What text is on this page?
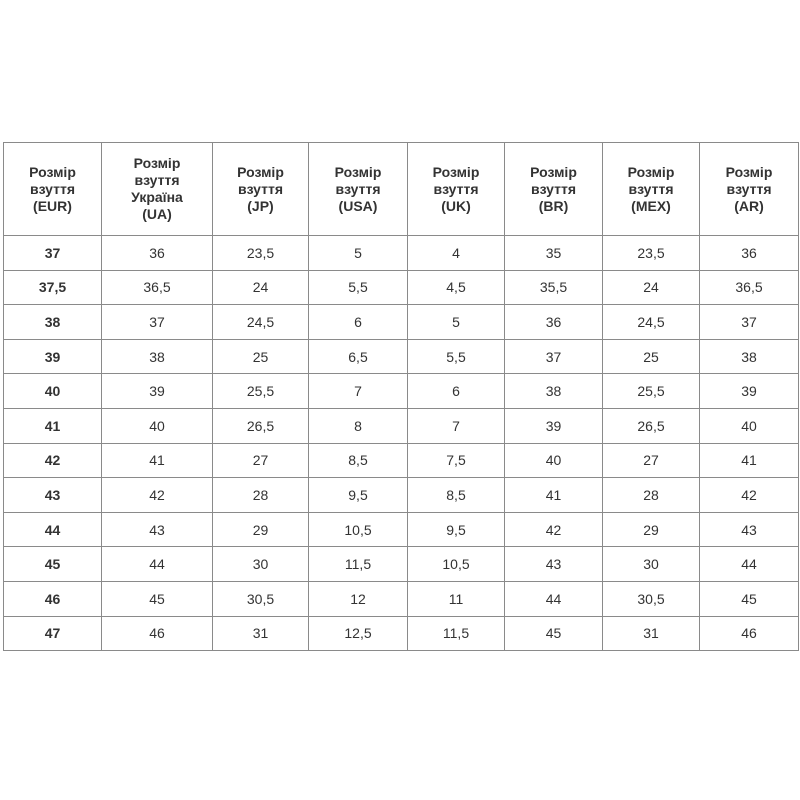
Розмір
взуття
(EUR)	Розмір
взуття
Україна
(UA)	Розмір
взуття
(JP)	Розмір
взуття
(USA)	Розмір
взуття
(UK)	Розмір
взуття
(BR)	Розмір
взуття
(MEX)	Розмір
взуття
(AR)
37	36	23,5	5	4	35	23,5	36
37,5	36,5	24	5,5	4,5	35,5	24	36,5
38	37	24,5	6	5	36	24,5	37
39	38	25	6,5	5,5	37	25	38
40	39	25,5	7	6	38	25,5	39
41	40	26,5	8	7	39	26,5	40
42	41	27	8,5	7,5	40	27	41
43	42	28	9,5	8,5	41	28	42
44	43	29	10,5	9,5	42	29	43
45	44	30	11,5	10,5	43	30	44
46	45	30,5	12	11	44	30,5	45
47	46	31	12,5	11,5	45	31	46
